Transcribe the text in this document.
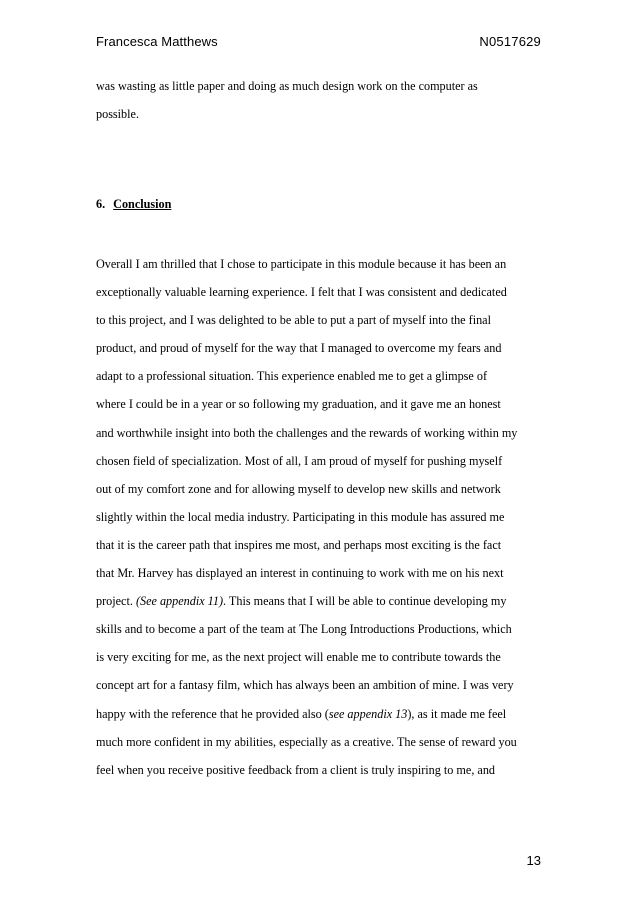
Francesca Matthews	N0517629
was wasting as little paper and doing as much design work on the computer as
possible.
6. Conclusion
Overall I am thrilled that I chose to participate in this module because it has been an
exceptionally valuable learning experience. I felt that I was consistent and dedicated
to this project, and I was delighted to be able to put a part of myself into the final
product, and proud of myself for the way that I managed to overcome my fears and
adapt to a professional situation. This experience enabled me to get a glimpse of
where I could be in a year or so following my graduation, and it gave me an honest
and worthwhile insight into both the challenges and the rewards of working within my
chosen field of specialization. Most of all, I am proud of myself for pushing myself
out of my comfort zone and for allowing myself to develop new skills and network
slightly within the local media industry. Participating in this module has assured me
that it is the career path that inspires me most, and perhaps most exciting is the fact
that Mr. Harvey has displayed an interest in continuing to work with me on his next
project. (See appendix 11). This means that I will be able to continue developing my
skills and to become a part of the team at The Long Introductions Productions, which
is very exciting for me, as the next project will enable me to contribute towards the
concept art for a fantasy film, which has always been an ambition of mine. I was very
happy with the reference that he provided also (see appendix 13), as it made me feel
much more confident in my abilities, especially as a creative. The sense of reward you
feel when you receive positive feedback from a client is truly inspiring to me, and
13
